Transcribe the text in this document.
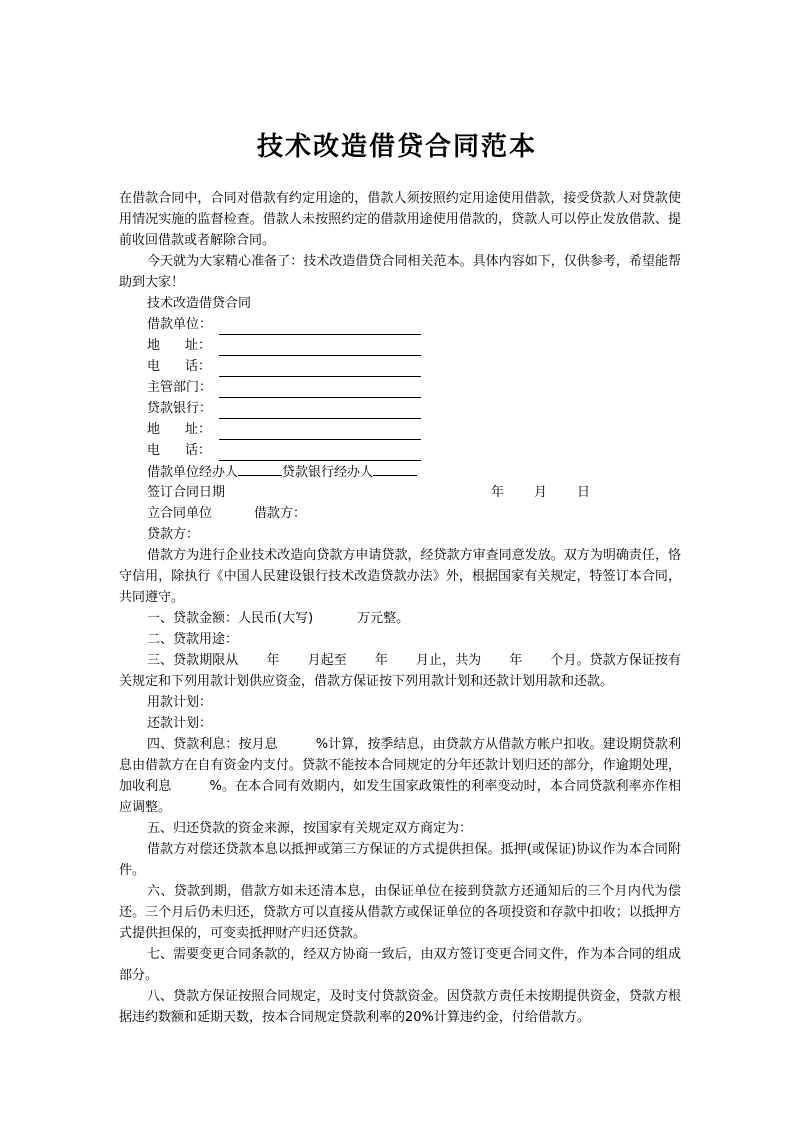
技术改造借贷合同范本
在借款合同中，合同对借款有约定用途的，借款人须按照约定用途使用借款，接受贷款人对贷款使用情况实施的监督检查。借款人未按照约定的借款用途使用借款的，贷款人可以停止发放借款、提前收回借款或者解除合同。
今天就为大家精心准备了：技术改造借贷合同相关范本。具体内容如下，仅供参考，希望能帮助到大家！
技术改造借贷合同
借款单位：
地 址：
电 话：
主管部门：
贷款银行：
地 址：
电 话：
借款单位经办人	贷款银行经办人
签订合同日期	年 月 日
立合同单位	借款方：
贷款方：
借款方为进行企业技术改造向贷款方申请贷款，经贷款方审查同意发放。双方为明确责任，恪守信用，除执行《中国人民建设银行技术改造贷款办法》外，根据国家有关规定，特签订本合同，共同遵守。
一、贷款金额：人民币(大写)	万元整。
二、贷款用途：
三、贷款期限从 年 月起至 年 月止，共为 年 个月。贷款方保证按有关规定和下列用款计划供应资金，借款方保证按下列用款计划和还款计划用款和还款。
用款计划：
还款计划：
四、贷款利息：按月息	%计算，按季结息，由贷款方从借款方帐户扣收。建设期贷款利息由借款方在自有资金内支付。贷款不能按本合同规定的分年还款计划归还的部分，作逾期处理，加收利息	%。在本合同有效期内，如发生国家政策性的利率变动时，本合同贷款利率亦作相应调整。
五、归还贷款的资金来源，按国家有关规定双方商定为：
借款方对偿还贷款本息以抵押或第三方保证的方式提供担保。抵押(或保证)协议作为本合同附件。
六、贷款到期，借款方如未还清本息，由保证单位在接到贷款方还通知后的三个月内代为偿还。三个月后仍未归还，贷款方可以直接从借款方或保证单位的各项投资和存款中扣收；以抵押方式提供担保的，可变卖抵押财产归还贷款。
七、需要变更合同条款的，经双方协商一致后，由双方签订变更合同文件，作为本合同的组成部分。
八、贷款方保证按照合同规定，及时支付贷款资金。因贷款方责任未按期提供资金，贷款方根据违约数额和延期天数，按本合同规定贷款利率的20%计算违约金，付给借款方。
